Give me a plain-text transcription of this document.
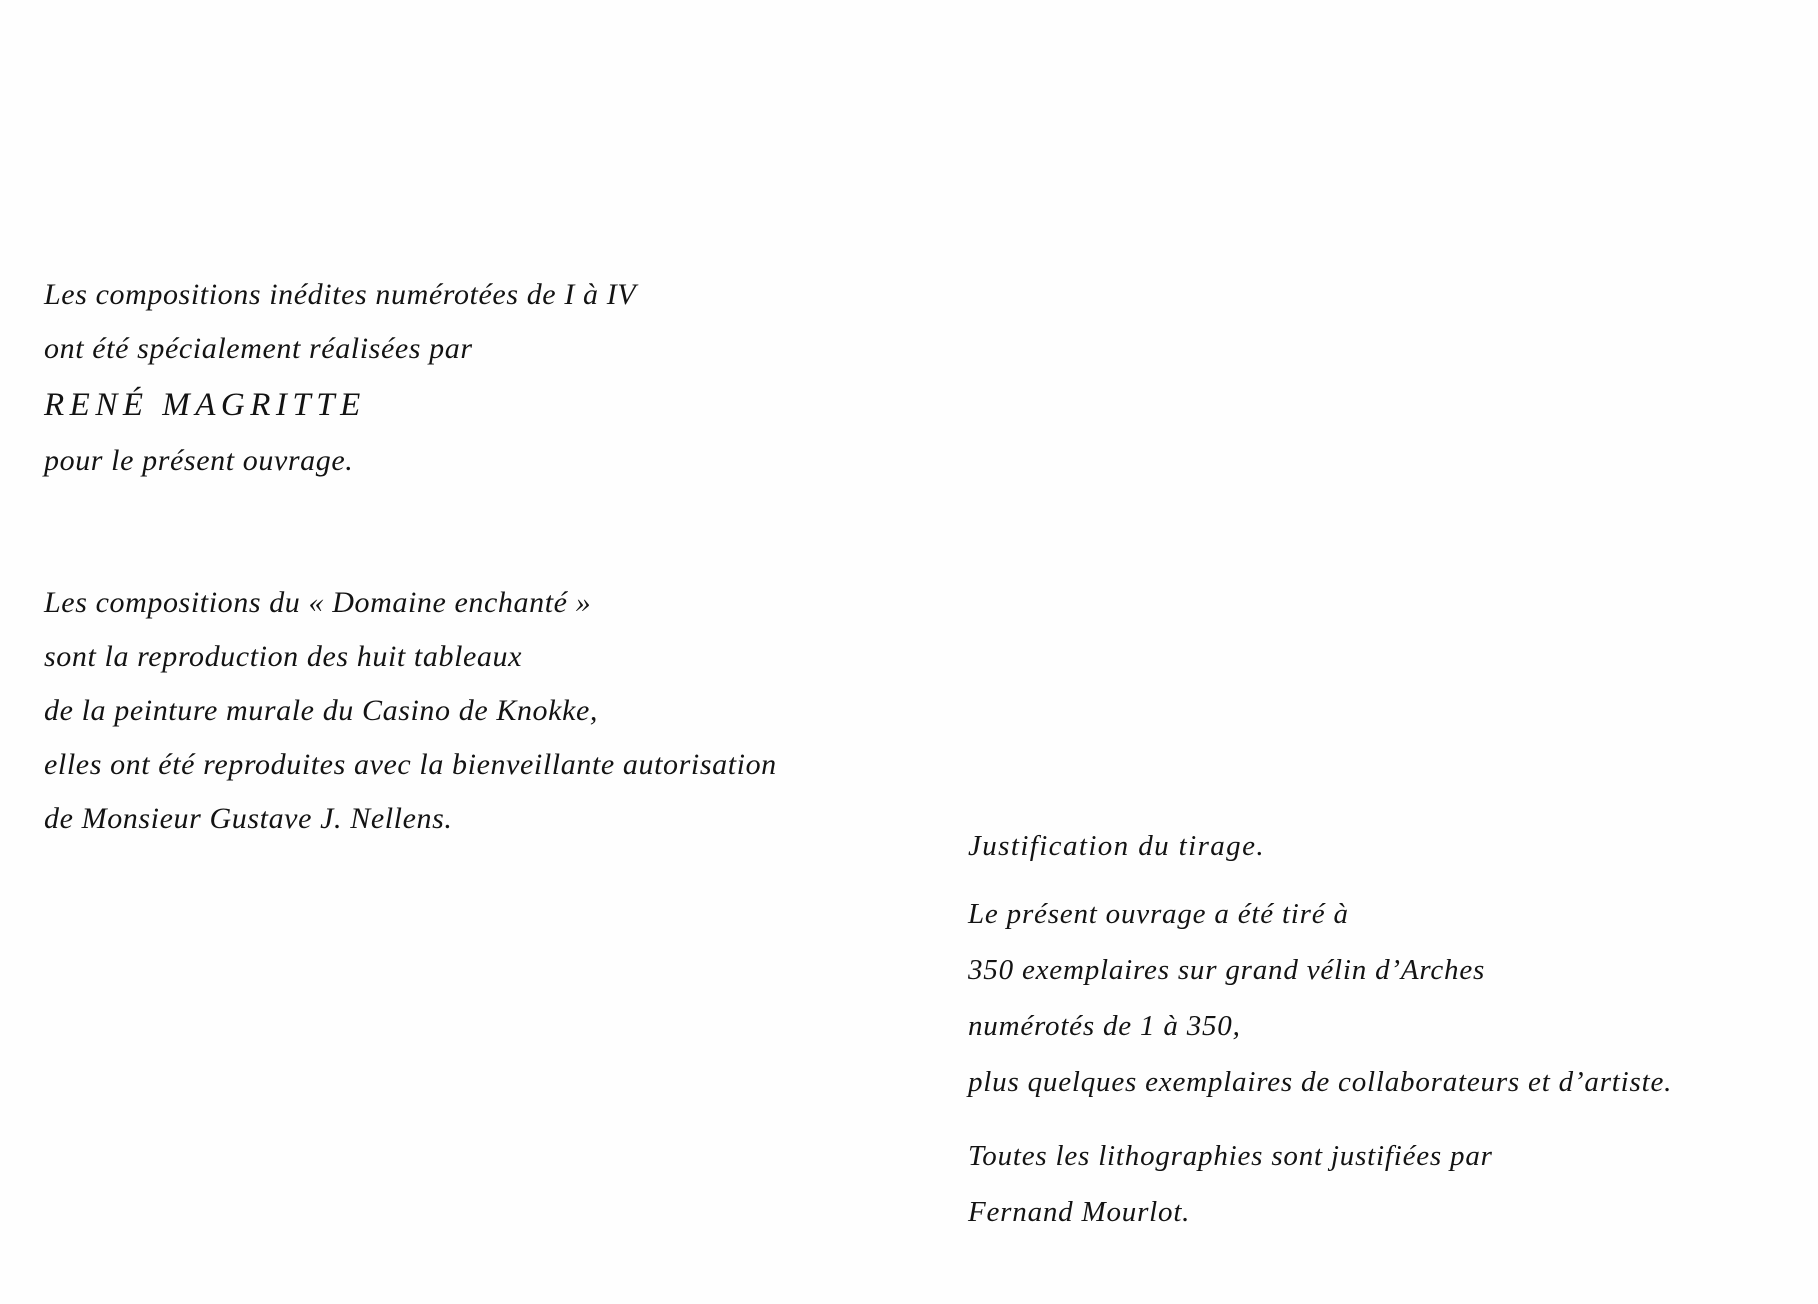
Les compositions inédites numérotées de I à IV
ont été spécialement réalisées par
RENÉ MAGRITTE
pour le présent ouvrage.
Les compositions du « Domaine enchanté »
sont la reproduction des huit tableaux
de la peinture murale du Casino de Knokke,
elles ont été reproduites avec la bienveillante autorisation
de Monsieur Gustave J. Nellens.
Justification du tirage.
Le présent ouvrage a été tiré à
350 exemplaires sur grand vélin d’Arches
numérotés de 1 à 350,
plus quelques exemplaires de collaborateurs et d’artiste.
Toutes les lithographies sont justifiées par
Fernand Mourlot.
